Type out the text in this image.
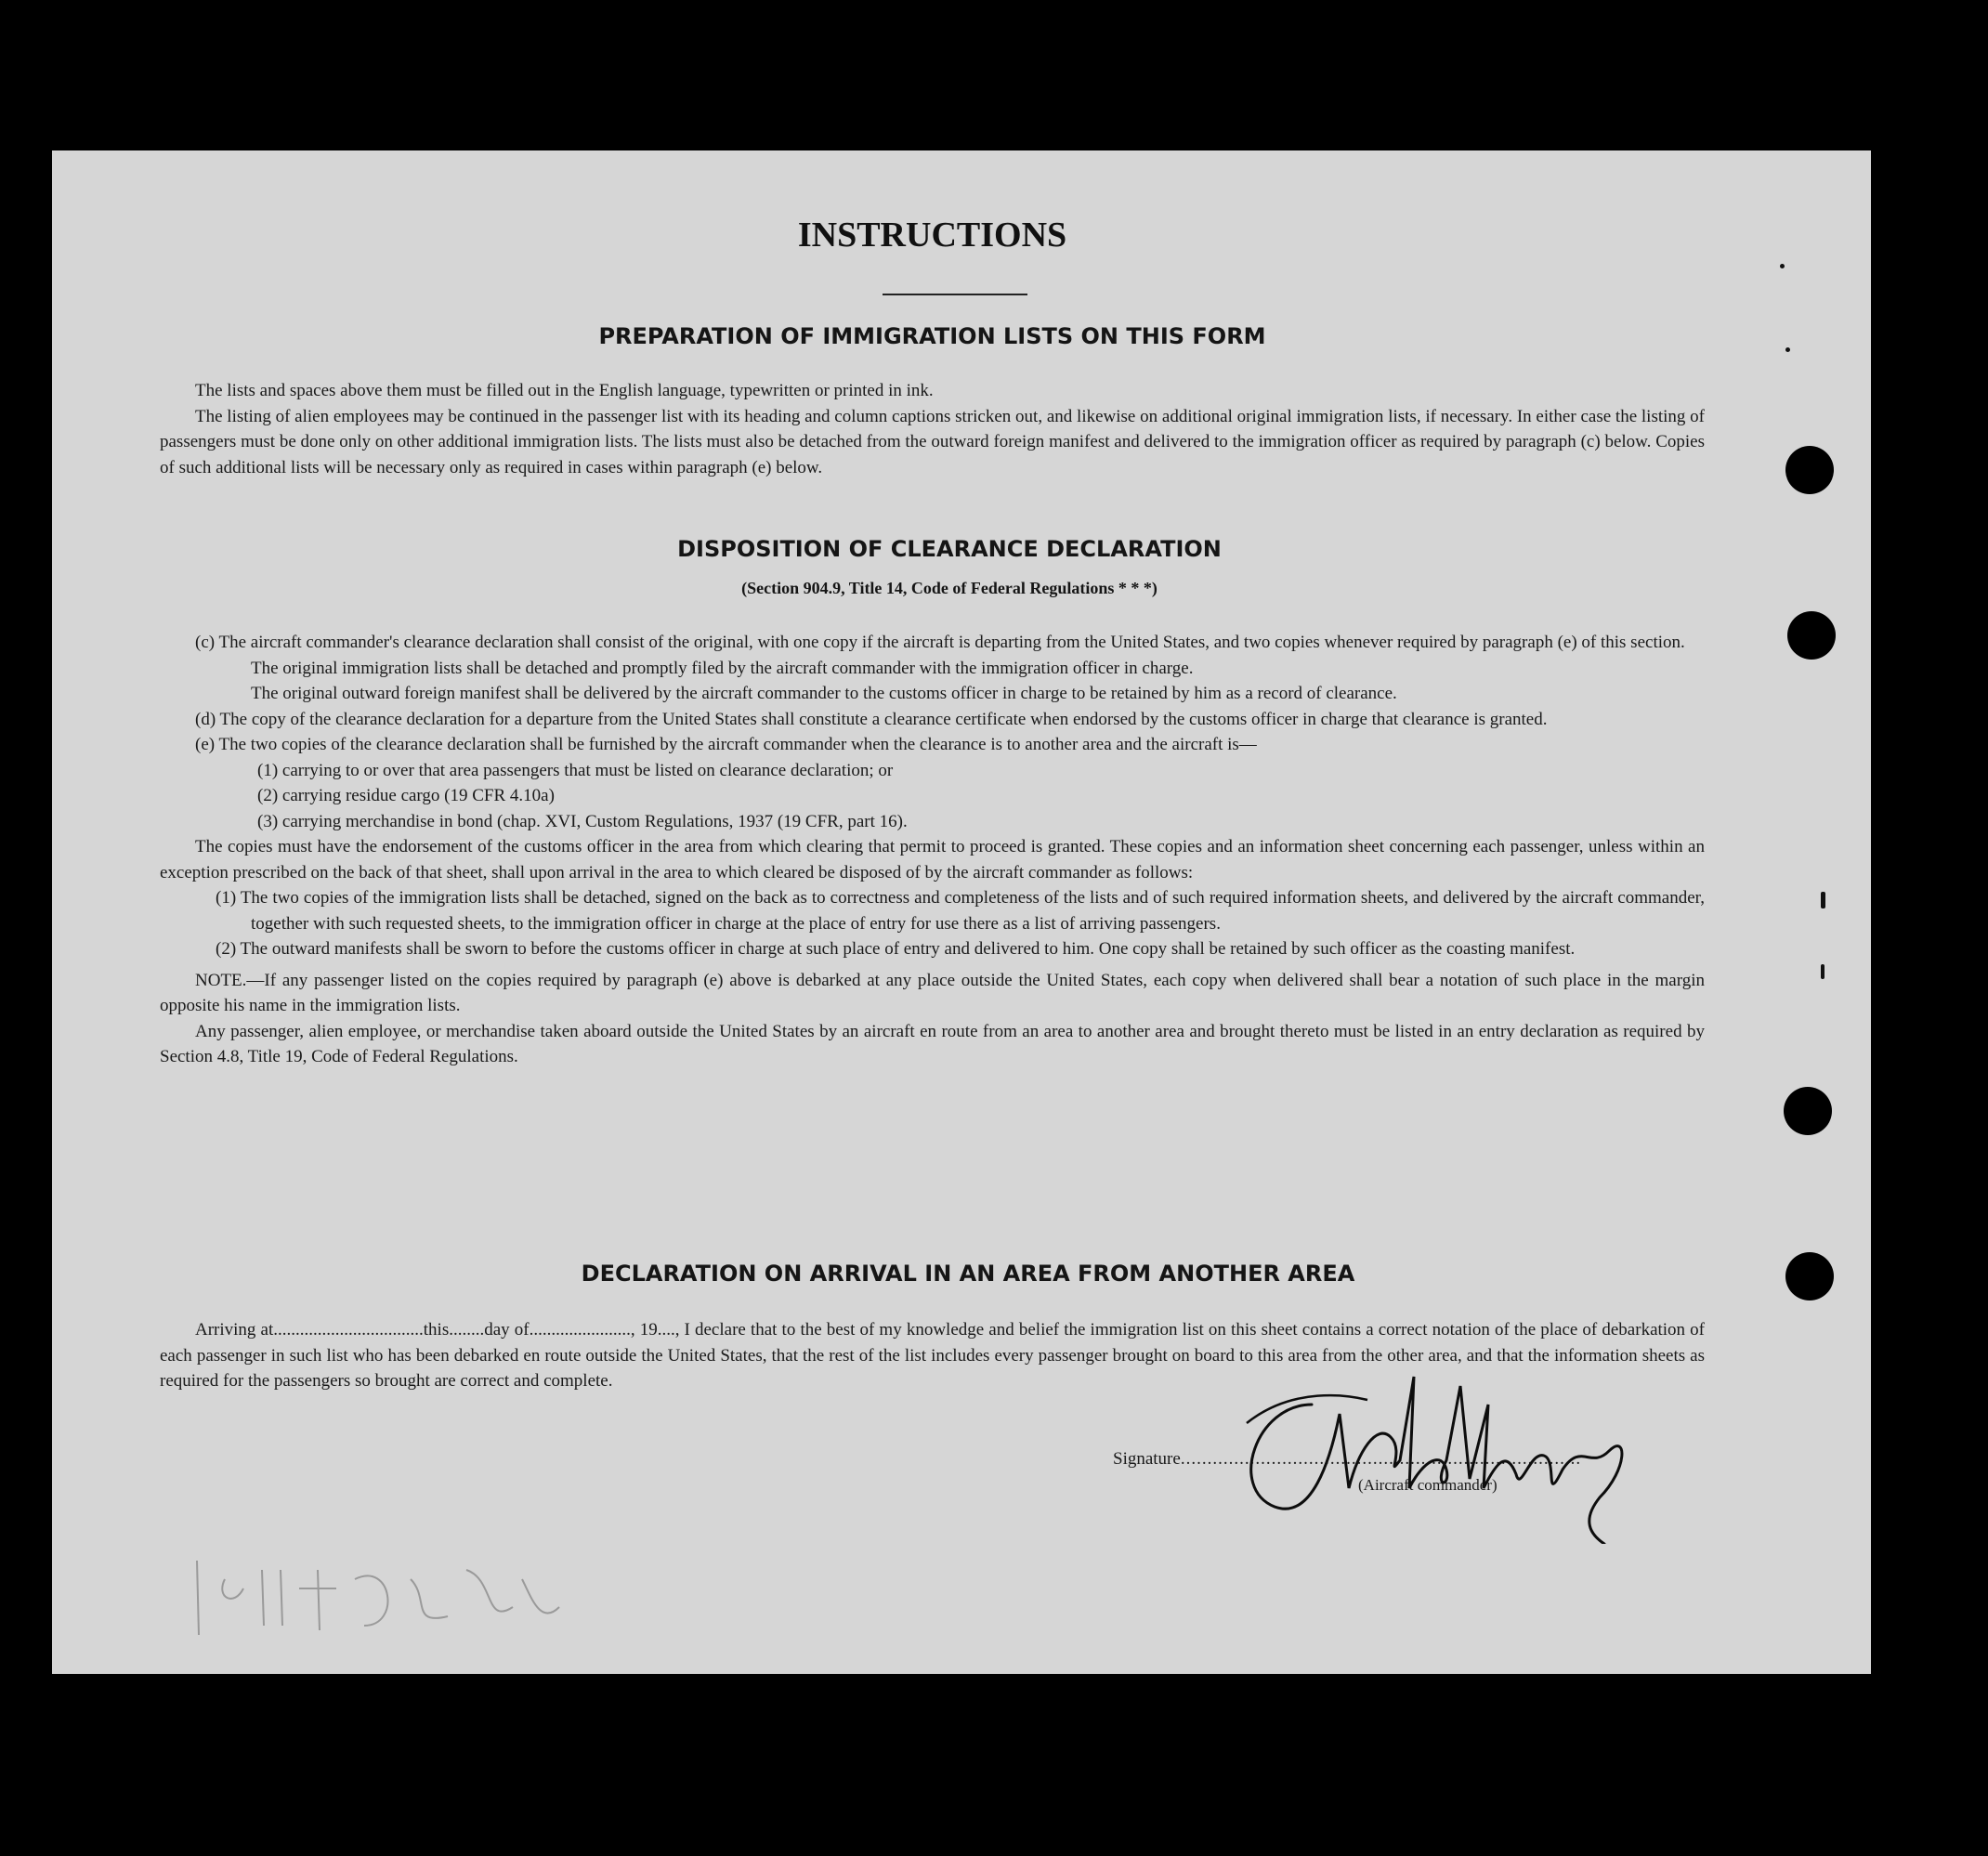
INSTRUCTIONS
PREPARATION OF IMMIGRATION LISTS ON THIS FORM

The lists and spaces above them must be filled out in the English language, typewritten or printed in ink.

The listing of alien employees may be continued in the passenger list with its heading and column captions stricken out, and likewise on additional original immigration lists, if necessary. In either case the listing of passengers must be done only on other additional immigration lists. The lists must also be detached from the outward foreign manifest and delivered to the immigration officer as required by paragraph (c) below. Copies of such additional lists will be necessary only as required in cases within paragraph (e) below.

DISPOSITION OF CLEARANCE DECLARATION
(Section 904.9, Title 14, Code of Federal Regulations * * *)

(c) The aircraft commander's clearance declaration shall consist of the original, with one copy if the aircraft is departing from the United States, and two copies whenever required by paragraph (e) of this section.

The original immigration lists shall be detached and promptly filed by the aircraft commander with the immigration officer in charge.

The original outward foreign manifest shall be delivered by the aircraft commander to the customs officer in charge to be retained by him as a record of clearance.

(d) The copy of the clearance declaration for a departure from the United States shall constitute a clearance certificate when endorsed by the customs officer in charge that clearance is granted.

(e) The two copies of the clearance declaration shall be furnished by the aircraft commander when the clearance is to another area and the aircraft is—

(1) carrying to or over that area passengers that must be listed on clearance declaration; or

(2) carrying residue cargo (19 CFR 4.10a)

(3) carrying merchandise in bond (chap. XVI, Custom Regulations, 1937 (19 CFR, part 16).

The copies must have the endorsement of the customs officer in the area from which clearing that permit to proceed is granted. These copies and an information sheet concerning each passenger, unless within an exception prescribed on the back of that sheet, shall upon arrival in the area to which cleared be disposed of by the aircraft commander as follows:

(1) The two copies of the immigration lists shall be detached, signed on the back as to correctness and completeness of the lists and of such required information sheets, and delivered by the aircraft commander, together with such requested sheets, to the immigration officer in charge at the place of entry for use there as a list of arriving passengers.

(2) The outward manifests shall be sworn to before the customs officer in charge at such place of entry and delivered to him. One copy shall be retained by such officer as the coasting manifest.

NOTE.—If any passenger listed on the copies required by paragraph (e) above is debarked at any place outside the United States, each copy when delivered shall bear a notation of such place in the margin opposite his name in the immigration lists.

Any passenger, alien employee, or merchandise taken aboard outside the United States by an aircraft en route from an area to another area and brought thereto must be listed in an entry declaration as required by Section 4.8, Title 19, Code of Federal Regulations.

DECLARATION ON ARRIVAL IN AN AREA FROM ANOTHER AREA

Arriving at..................................this........day of......................., 19...., I declare that to the best of my knowledge and belief the immigration list on this sheet contains a correct notation of the place of debarkation of each passenger in such list who has been debarked en route outside the United States, that the rest of the list includes every passenger brought on board to this area from the other area, and that the information sheets as required for the passengers so brought are correct and complete.

Signature...........................................................................
(Aircraft commander)
